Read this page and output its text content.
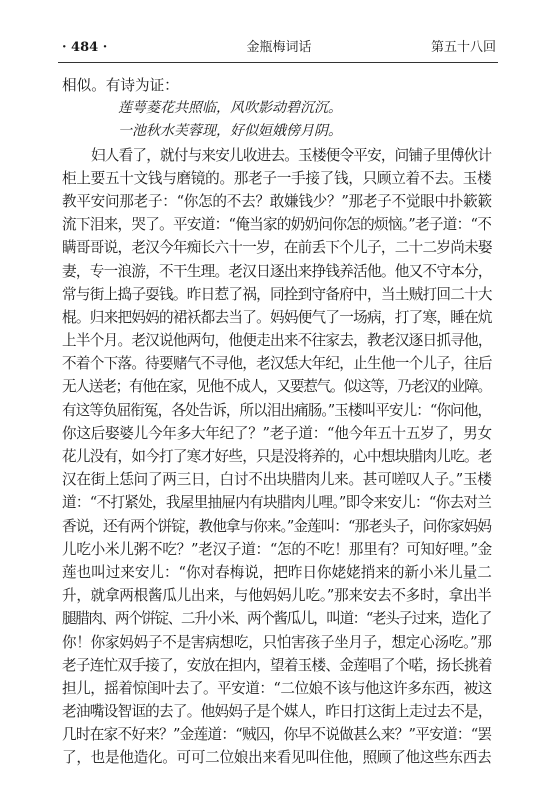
· 484 ·	金瓶梅词话	第五十八回
相似。有诗为证：
莲萼菱花共照临，风吹影动碧沉沉。
一池秋水芙蓉现，好似姮娥傍月阴。
妇人看了，就付与来安儿收进去。玉楼便令平安，问铺子里傅伙计
柜上要五十文钱与磨镜的。那老子一手接了钱，只顾立着不去。玉楼
教平安问那老子：“你怎的不去？敢嫌钱少？”那老子不觉眼中扑簌簌
流下泪来，哭了。平安道：“俺当家的奶奶问你怎的烦恼。”老子道：“不
瞒哥哥说，老汉今年痴长六十一岁，在前丢下个儿子，二十二岁尚未娶
妻，专一浪游，不干生理。老汉日逐出来挣钱养活他。他又不守本分，
常与街上捣子耍钱。昨日惹了祸，同拴到守备府中，当土贼打回二十大
棍。归来把妈妈的裙袄都去当了。妈妈便气了一场病，打了寒，睡在炕
上半个月。老汉说他两句，他便走出来不往家去，教老汉逐日抓寻他，
不着个下落。待要赌气不寻他，老汉恁大年纪，止生他一个儿子，往后
无人送老；有他在家，见他不成人，又要惹气。似这等，乃老汉的业障。
有这等负屈衔冤，各处告诉，所以泪出痛肠。”玉楼叫平安儿：“你问他，
你这后娶婆儿今年多大年纪了？”老子道：“他今年五十五岁了，男女
花儿没有，如今打了寒才好些，只是没将养的，心中想块腊肉儿吃。老
汉在街上恁问了两三日，白讨不出块腊肉儿来。甚可嗟叹人子。”玉楼
道：“不打紧处，我屋里抽屉内有块腊肉儿哩。”即令来安儿：“你去对兰
香说，还有两个饼锭，教他拿与你来。”金莲叫：“那老头子，问你家妈妈
儿吃小米儿粥不吃？”老汉子道：“怎的不吃！那里有？可知好哩。”金
莲也叫过来安儿：“你对春梅说，把昨日你姥姥捎来的新小米儿量二
升，就拿两根酱瓜儿出来，与他妈妈儿吃。”那来安去不多时，拿出半
腿腊肉、两个饼锭、二升小米、两个酱瓜儿，叫道：“老头子过来，造化了
你！你家妈妈子不是害病想吃，只怕害孩子坐月子，想定心汤吃。”那
老子连忙双手接了，安放在担内，望着玉楼、金莲唱了个喏，扬长挑着
担儿，摇着惊闺叶去了。平安道：“二位娘不该与他这许多东西，被这
老油嘴设智诓的去了。他妈妈子是个媒人，昨日打这街上走过去不是，
几时在家不好来？”金莲道：“贼囚，你早不说做甚么来？”平安道：“罢
了，也是他造化。可可二位娘出来看见叫住他，照顾了他这些东西去
